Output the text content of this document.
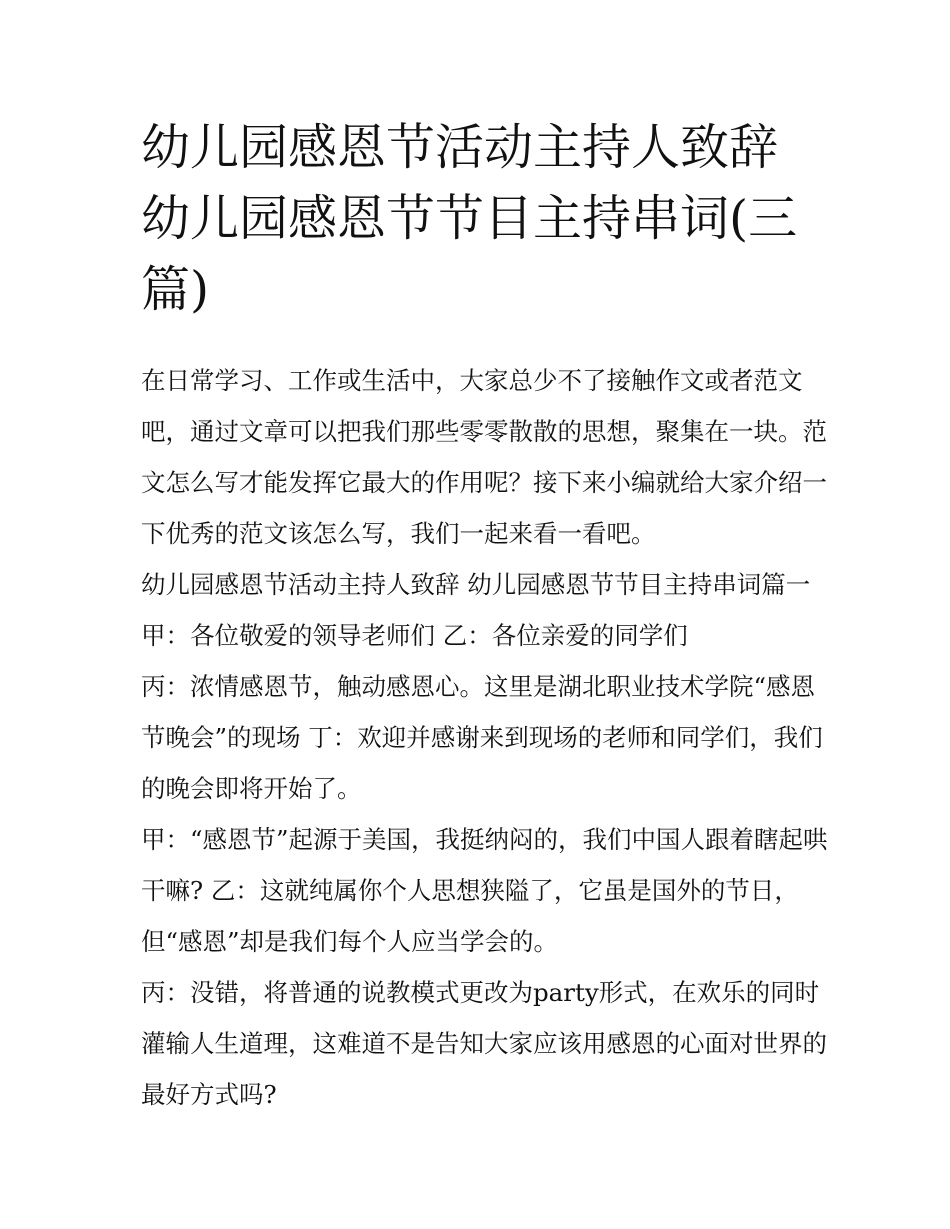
幼儿园感恩节活动主持人致辞 幼儿园感恩节节目主持串词(三篇)

在日常学习、工作或生活中，大家总少不了接触作文或者范文吧，通过文章可以把我们那些零零散散的思想，聚集在一块。范文怎么写才能发挥它最大的作用呢？接下来小编就给大家介绍一下优秀的范文该怎么写，我们一起来看一看吧。

幼儿园感恩节活动主持人致辞 幼儿园感恩节节目主持串词篇一 甲：各位敬爱的领导老师们 乙：各位亲爱的同学们

丙：浓情感恩节，触动感恩心。这里是湖北职业技术学院“感恩节晚会”的现场 丁：欢迎并感谢来到现场的老师和同学们，我们的晚会即将开始了。

甲：“感恩节”起源于美国，我挺纳闷的，我们中国人跟着瞎起哄干嘛? 乙：这就纯属你个人思想狭隘了，它虽是国外的节日，但“感恩”却是我们每个人应当学会的。

丙：没错，将普通的说教模式更改为party形式，在欢乐的同时灌输人生道理，这难道不是告知大家应该用感恩的心面对世界的最好方式吗?
